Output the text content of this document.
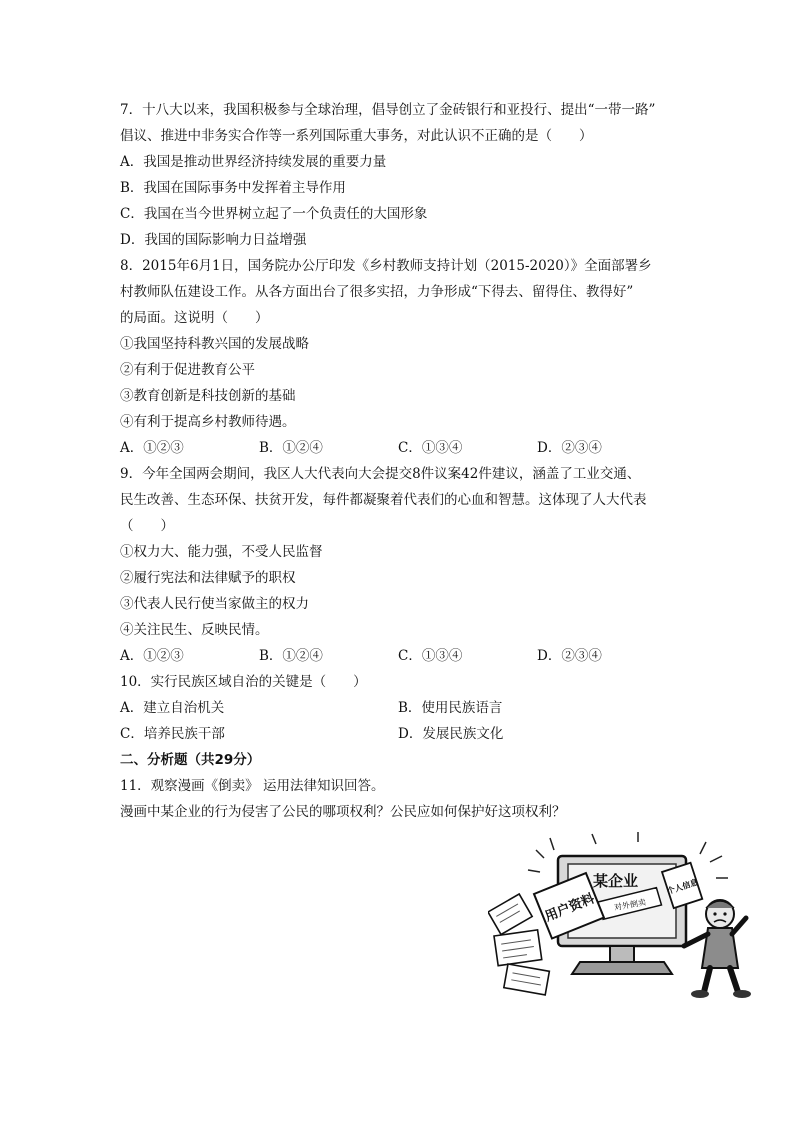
7．十八大以来，我国积极参与全球治理，倡导创立了金砖银行和亚投行、提出“一带一路”
倡议、推进中非务实合作等一系列国际重大事务，对此认识不正确的是（　　）
A．我国是推动世界经济持续发展的重要力量
B．我国在国际事务中发挥着主导作用
C．我国在当今世界树立起了一个负责任的大国形象
D．我国的国际影响力日益增强
8．2015年6月1日，国务院办公厅印发《乡村教师支持计划（2015-2020）》全面部署乡
村教师队伍建设工作。从各方面出台了很多实招，力争形成“下得去、留得住、教得好”
的局面。这说明（　　）
①我国坚持科教兴国的发展战略
②有利于促进教育公平
③教育创新是科技创新的基础
④有利于提高乡村教师待遇。
A．①②③	B．①②④	C．①③④	D．②③④
9．今年全国两会期间，我区人大代表向大会提交8件议案42件建议，涵盖了工业交通、
民生改善、生态环保、扶贫开发，每件都凝聚着代表们的心血和智慧。这体现了人大代表
（　　）
①权力大、能力强，不受人民监督
②履行宪法和法律赋予的职权
③代表人民行使当家做主的权力
④关注民生、反映民情。
A．①②③	B．①②④	C．①③④	D．②③④
10．实行民族区域自治的关键是（　　）
A．建立自治机关	B．使用民族语言
C．培养民族干部	D．发展民族文化
二、分析题（共29分）
11．观察漫画《倒卖》 运用法律知识回答。
漫画中某企业的行为侵害了公民的哪项权利？公民应如何保护好这项权利？
某企业	个人信息
对外倒卖
用户资料
